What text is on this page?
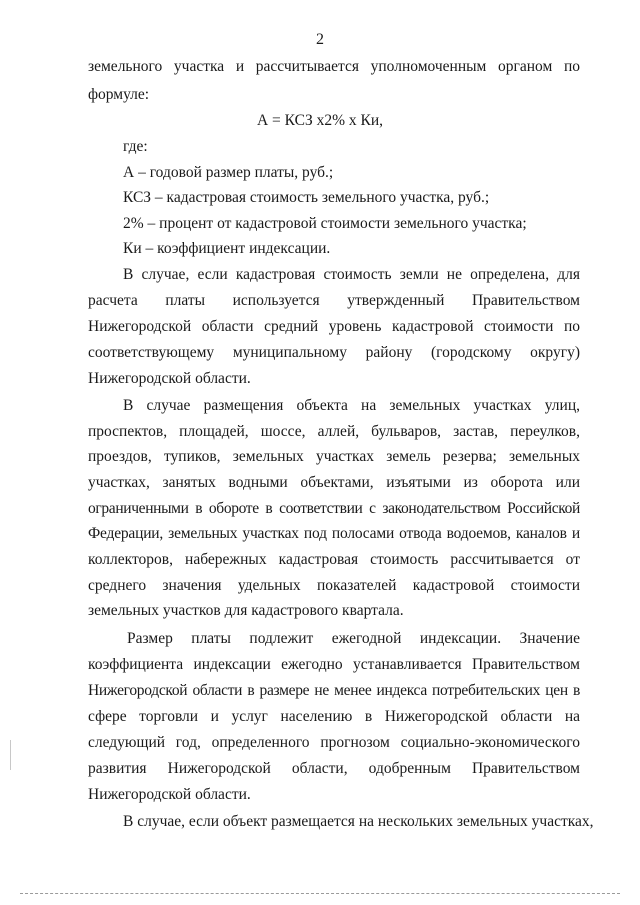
2
земельного участка и рассчитывается уполномоченным органом по
формуле:
А = КСЗ х2% х Ки,
где:
А – годовой размер платы, руб.;
КСЗ – кадастровая стоимость земельного участка, руб.;
2% – процент от кадастровой стоимости земельного участка;
Ки – коэффициент индексации.
В случае, если кадастровая стоимость земли не определена, для
расчета платы используется утвержденный Правительством
Нижегородской области средний уровень кадастровой стоимости по
соответствующему муниципальному району (городскому округу)
Нижегородской области.
В случае размещения объекта на земельных участках улиц,
проспектов, площадей, шоссе, аллей, бульваров, застав, переулков,
проездов, тупиков, земельных участках земель резерва; земельных
участках, занятых водными объектами, изъятыми из оборота или
ограниченными в обороте в соответствии с законодательством Российской
Федерации, земельных участках под полосами отвода водоемов, каналов и
коллекторов, набережных кадастровая стоимость рассчитывается от
среднего значения удельных показателей кадастровой стоимости
земельных участков для кадастрового квартала.
Размер платы подлежит ежегодной индексации. Значение
коэффициента индексации ежегодно устанавливается Правительством
Нижегородской области в размере не менее индекса потребительских цен в
сфере торговли и услуг населению в Нижегородской области на
следующий год, определенного прогнозом социально-экономического
развития Нижегородской области, одобренным Правительством
Нижегородской области.
В случае, если объект размещается на нескольких земельных участках,
